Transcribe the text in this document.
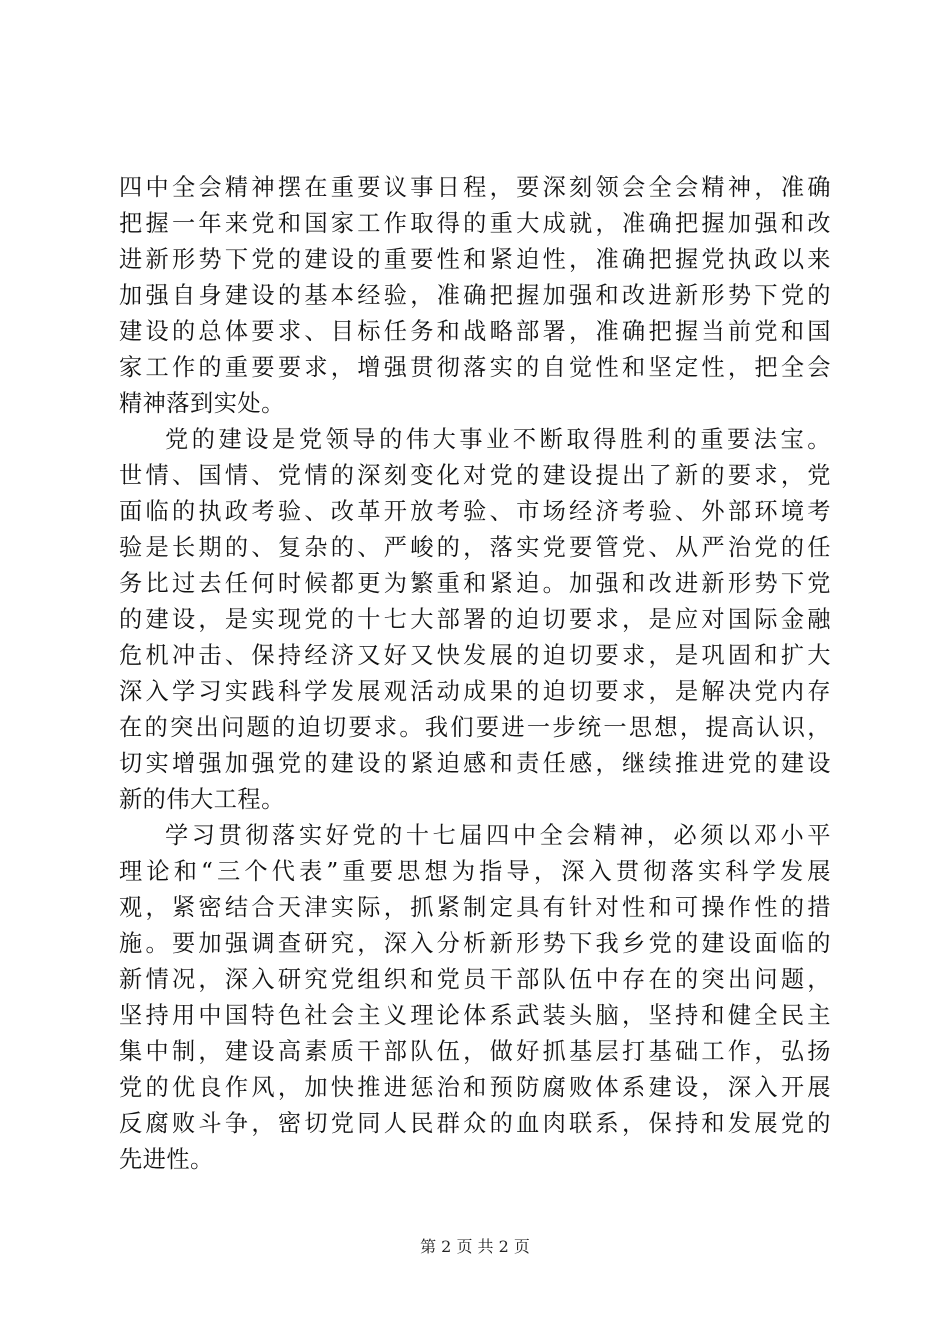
四中全会精神摆在重要议事日程，要深刻领会全会精神，准确
把握一年来党和国家工作取得的重大成就，准确把握加强和改
进新形势下党的建设的重要性和紧迫性，准确把握党执政以来
加强自身建设的基本经验，准确把握加强和改进新形势下党的
建设的总体要求、目标任务和战略部署，准确把握当前党和国
家工作的重要要求，增强贯彻落实的自觉性和坚定性，把全会
精神落到实处。
党的建设是党领导的伟大事业不断取得胜利的重要法宝。
世情、国情、党情的深刻变化对党的建设提出了新的要求，党
面临的执政考验、改革开放考验、市场经济考验、外部环境考
验是长期的、复杂的、严峻的，落实党要管党、从严治党的任
务比过去任何时候都更为繁重和紧迫。加强和改进新形势下党
的建设，是实现党的十七大部署的迫切要求，是应对国际金融
危机冲击、保持经济又好又快发展的迫切要求，是巩固和扩大
深入学习实践科学发展观活动成果的迫切要求，是解决党内存
在的突出问题的迫切要求。我们要进一步统一思想，提高认识，
切实增强加强党的建设的紧迫感和责任感，继续推进党的建设
新的伟大工程。
学习贯彻落实好党的十七届四中全会精神，必须以邓小平
理论和“三个代表”重要思想为指导，深入贯彻落实科学发展
观，紧密结合天津实际，抓紧制定具有针对性和可操作性的措
施。要加强调查研究，深入分析新形势下我乡党的建设面临的
新情况，深入研究党组织和党员干部队伍中存在的突出问题，
坚持用中国特色社会主义理论体系武装头脑，坚持和健全民主
集中制，建设高素质干部队伍，做好抓基层打基础工作，弘扬
党的优良作风，加快推进惩治和预防腐败体系建设，深入开展
反腐败斗争，密切党同人民群众的血肉联系，保持和发展党的
先进性。
第 2 页 共 2 页
